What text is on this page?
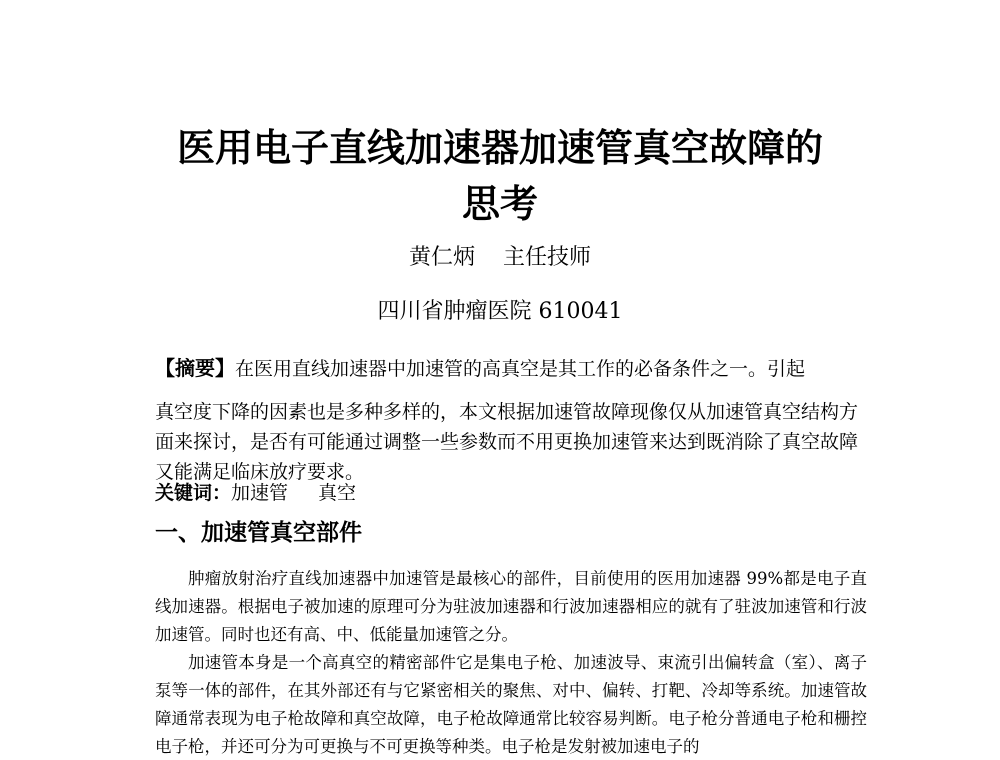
医用电子直线加速器加速管真空故障的
思考
黄仁炳 主任技师
四川省肿瘤医院 610041
【摘要】在医用直线加速器中加速管的高真空是其工作的必备条件之一。引起

真空度下降的因素也是多种多样的，本文根据加速管故障现像仅从加速管真空结构方面来探讨，是否有可能通过调整一些参数而不用更换加速管来达到既消除了真空故障又能满足临床放疗要求。

关键词：加速管 真空
一、加速管真空部件

肿瘤放射治疗直线加速器中加速管是最核心的部件，目前使用的医用加速器 99%都是电子直线加速器。根据电子被加速的原理可分为驻波加速器和行波加速器相应的就有了驻波加速管和行波加速管。同时也还有高、中、低能量加速管之分。

加速管本身是一个高真空的精密部件它是集电子枪、加速波导、束流引出偏转盒（室）、离子泵等一体的部件，在其外部还有与它紧密相关的聚焦、对中、偏转、打靶、冷却等系统。加速管故障通常表现为电子枪故障和真空故障，电子枪故障通常比较容易判断。电子枪分普通电子枪和栅控电子枪，并还可分为可更换与不可更换等种类。电子枪是发射被加速电子的
